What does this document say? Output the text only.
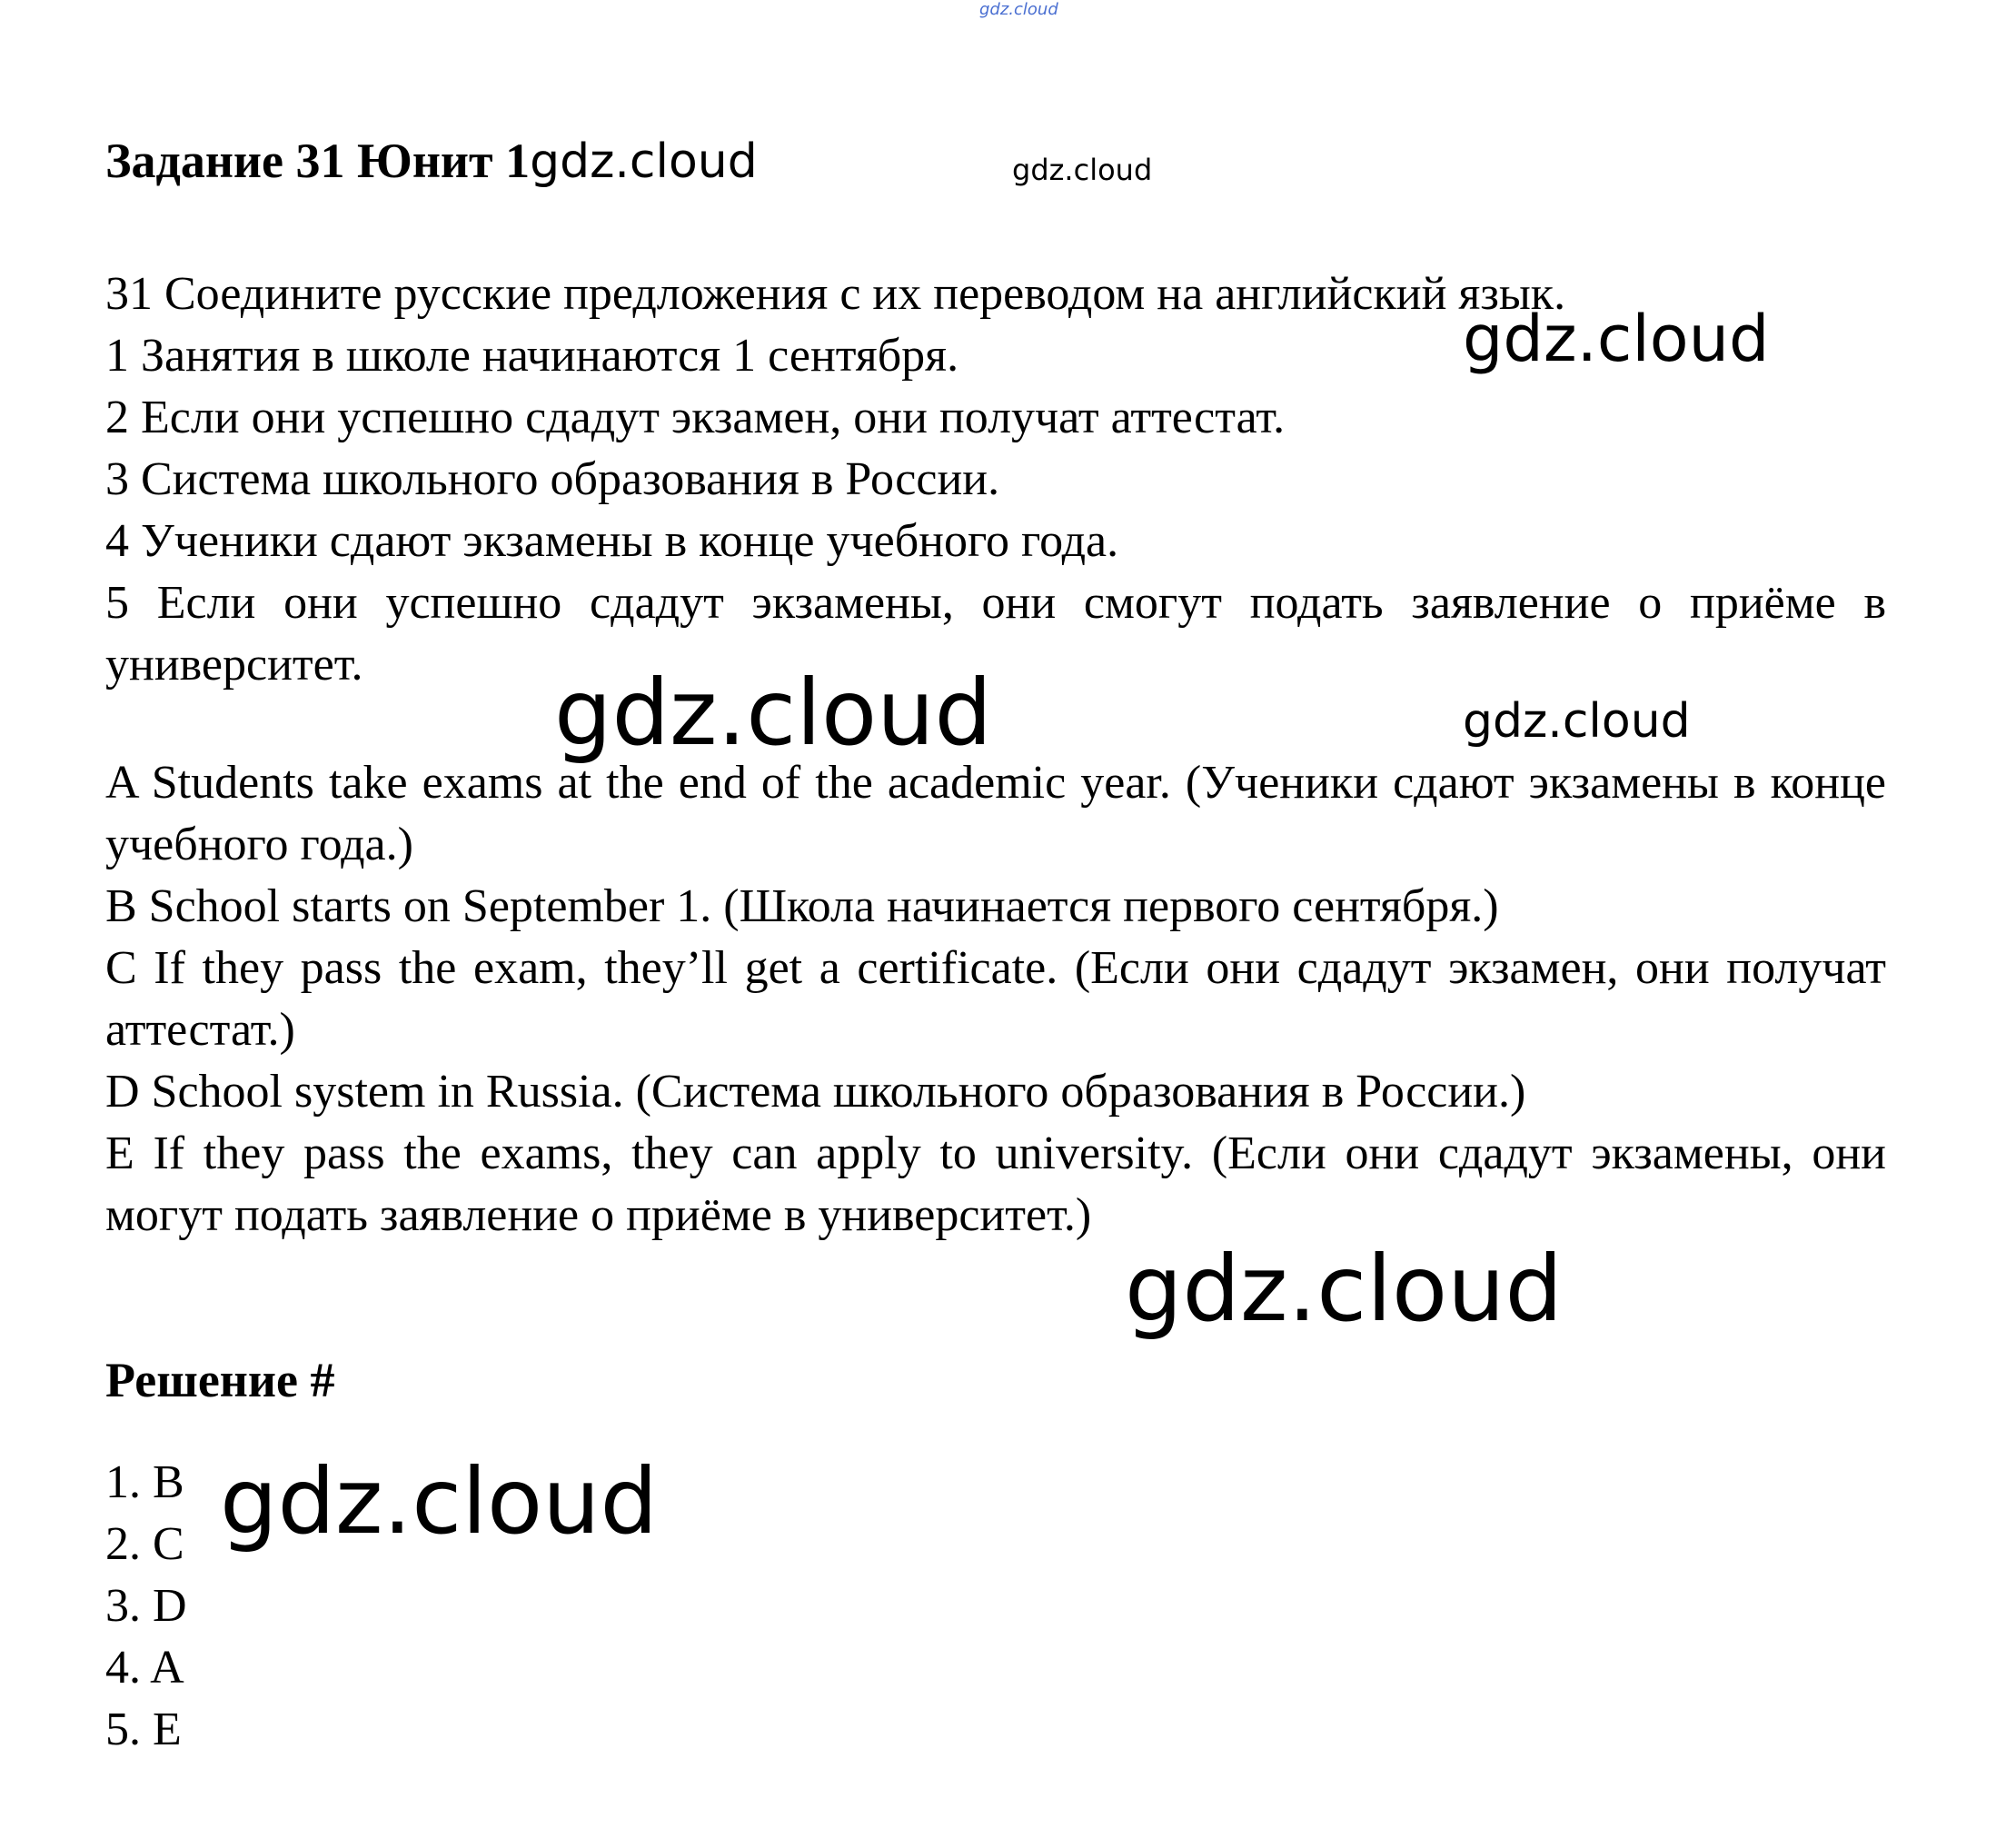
gdz.cloud
gdz.cloud
gdz.cloud
gdz.cloud	gdz.cloud
gdz.cloud
gdz.cloud
Задание 31 Юнит 1gdz.cloud

31 Соедините русские предложения с их переводом на английский язык.

1 Занятия в школе начинаются 1 сентября.

2 Если они успешно сдадут экзамен, они получат аттестат.

3 Система школьного образования в России.

4 Ученики сдают экзамены в конце учебного года.

5 Если они успешно сдадут экзамены, они смогут подать заявление о приёме в университет.

A Students take exams at the end of the academic year. (Ученики сдают экзамены в конце учебного года.)

B School starts on September 1. (Школа начинается первого сентября.)

C If they pass the exam, they’ll get a certificate. (Если они сдадут экзамен, они получат аттестат.)

D School system in Russia. (Система школьного образования в России.)

E If they pass the exams, they can apply to university. (Если они сдадут экзамены, они могут подать заявление о приёме в университет.)

Решение #

1. B

2. C

3. D

4. A

5. E
